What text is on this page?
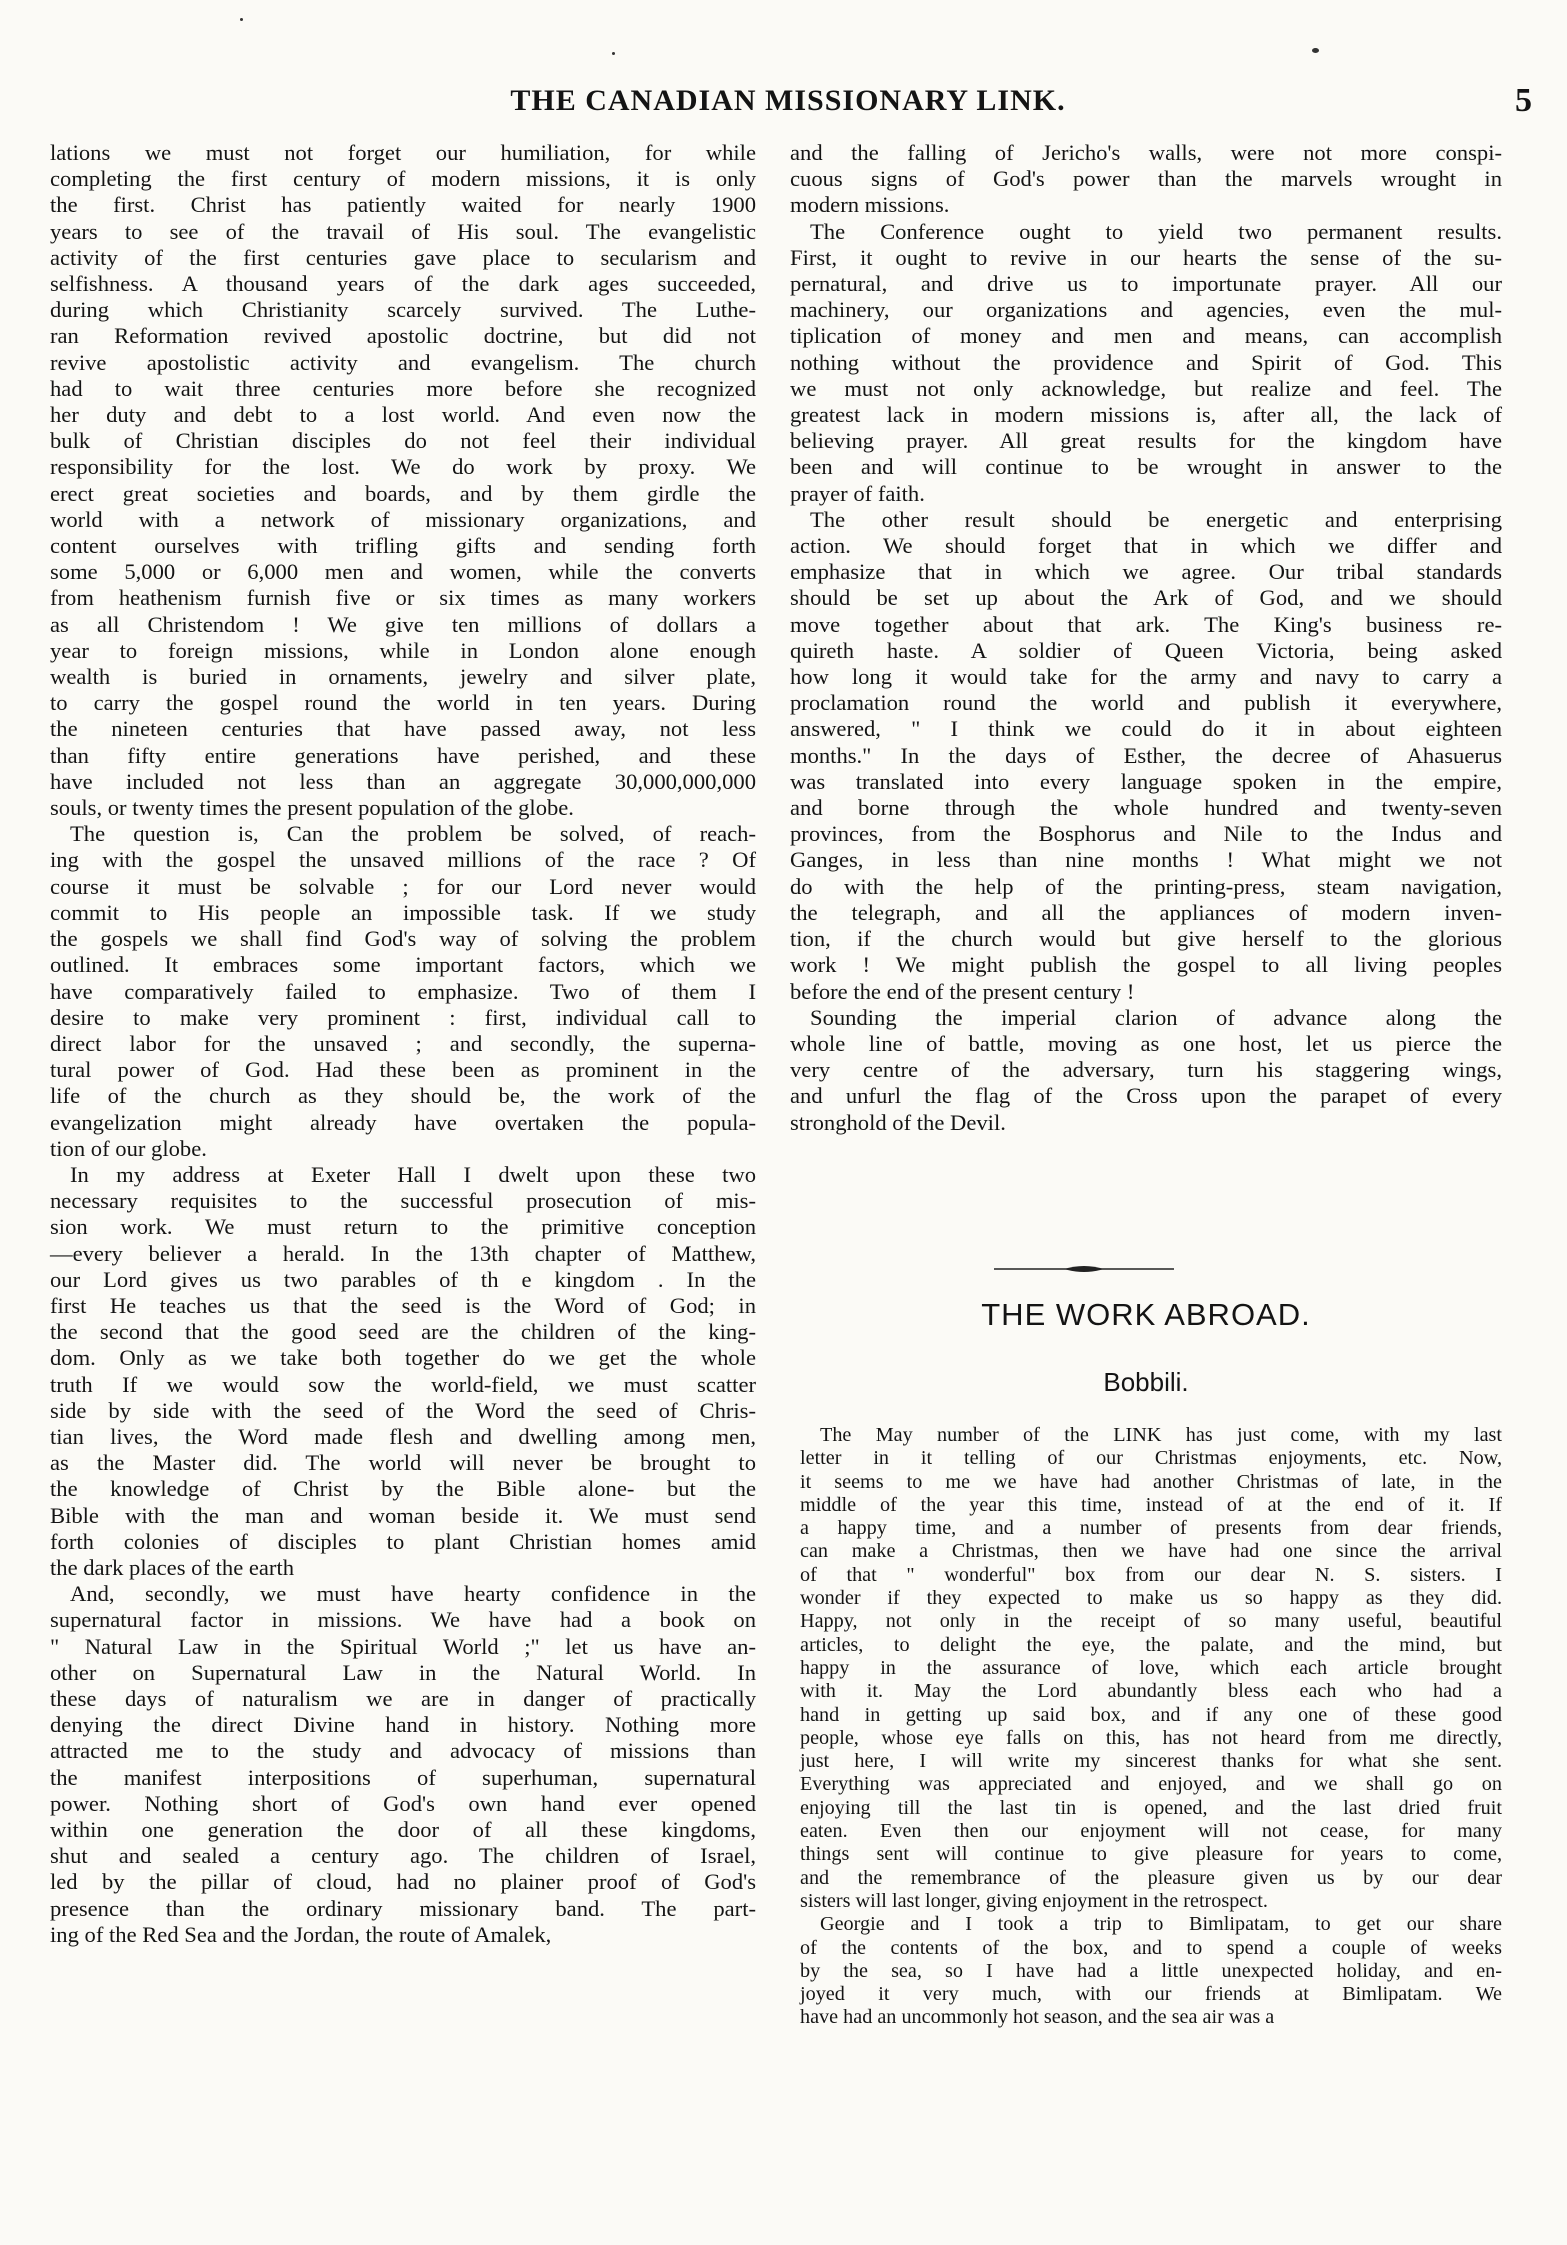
THE CANADIAN MISSIONARY LINK.	5
lations we must not forget our humiliation, for while
completing the first century of modern missions, it is only
the first. Christ has patiently waited for nearly 1900
years to see of the travail of His soul. The evangelistic
activity of the first centuries gave place to secularism and
selfishness. A thousand years of the dark ages succeeded,
during which Christianity scarcely survived. The Luthe-
ran Reformation revived apostolic doctrine, but did not
revive apostolistic activity and evangelism. The church
had to wait three centuries more before she recognized
her duty and debt to a lost world. And even now the
bulk of Christian disciples do not feel their individual
responsibility for the lost. We do work by proxy. We
erect great societies and boards, and by them girdle the
world with a network of missionary organizations, and
content ourselves with trifling gifts and sending forth
some 5,000 or 6,000 men and women, while the converts
from heathenism furnish five or six times as many workers
as all Christendom ! We give ten millions of dollars a
year to foreign missions, while in London alone enough
wealth is buried in ornaments, jewelry and silver plate,
to carry the gospel round the world in ten years. During
the nineteen centuries that have passed away, not less
than fifty entire generations have perished, and these
have included not less than an aggregate 30,000,000,000
souls, or twenty times the present population of the globe.
The question is, Can the problem be solved, of reach-
ing with the gospel the unsaved millions of the race ? Of
course it must be solvable ; for our Lord never would
commit to His people an impossible task. If we study
the gospels we shall find God's way of solving the problem
outlined. It embraces some important factors, which we
have comparatively failed to emphasize. Two of them I
desire to make very prominent : first, individual call to
direct labor for the unsaved ; and secondly, the superna-
tural power of God. Had these been as prominent in the
life of the church as they should be, the work of the
evangelization might already have overtaken the popula-
tion of our globe.
In my address at Exeter Hall I dwelt upon these two
necessary requisites to the successful prosecution of mis-
sion work. We must return to the primitive conception
—every believer a herald. In the 13th chapter of Matthew,
our Lord gives us two parables of th e kingdom . In the
first He teaches us that the seed is the Word of God; in
the second that the good seed are the children of the king-
dom. Only as we take both together do we get the whole
truth If we would sow the world-field, we must scatter
side by side with the seed of the Word the seed of Chris-
tian lives, the Word made flesh and dwelling among men,
as the Master did. The world will never be brought to
the knowledge of Christ by the Bible alone- but the
Bible with the man and woman beside it. We must send
forth colonies of disciples to plant Christian homes amid
the dark places of the earth
And, secondly, we must have hearty confidence in the
supernatural factor in missions. We have had a book on
" Natural Law in the Spiritual World ;" let us have an-
other on Supernatural Law in the Natural World. In
these days of naturalism we are in danger of practically
denying the direct Divine hand in history. Nothing more
attracted me to the study and advocacy of missions than
the manifest interpositions of superhuman, supernatural
power. Nothing short of God's own hand ever opened
within one generation the door of all these kingdoms,
shut and sealed a century ago. The children of Israel,
led by the pillar of cloud, had no plainer proof of God's
presence than the ordinary missionary band. The part-
ing of the Red Sea and the Jordan, the route of Amalek,
and the falling of Jericho's walls, were not more conspi-
cuous signs of God's power than the marvels wrought in
modern missions.
The Conference ought to yield two permanent results.
First, it ought to revive in our hearts the sense of the su-
pernatural, and drive us to importunate prayer. All our
machinery, our organizations and agencies, even the mul-
tiplication of money and men and means, can accomplish
nothing without the providence and Spirit of God. This
we must not only acknowledge, but realize and feel. The
greatest lack in modern missions is, after all, the lack of
believing prayer. All great results for the kingdom have
been and will continue to be wrought in answer to the
prayer of faith.
The other result should be energetic and enterprising
action. We should forget that in which we differ and
emphasize that in which we agree. Our tribal standards
should be set up about the Ark of God, and we should
move together about that ark. The King's business re-
quireth haste. A soldier of Queen Victoria, being asked
how long it would take for the army and navy to carry a
proclamation round the world and publish it everywhere,
answered, " I think we could do it in about eighteen
months." In the days of Esther, the decree of Ahasuerus
was translated into every language spoken in the empire,
and borne through the whole hundred and twenty-seven
provinces, from the Bosphorus and Nile to the Indus and
Ganges, in less than nine months ! What might we not
do with the help of the printing-press, steam navigation,
the telegraph, and all the appliances of modern inven-
tion, if the church would but give herself to the glorious
work ! We might publish the gospel to all living peoples
before the end of the present century !
Sounding the imperial clarion of advance along the
whole line of battle, moving as one host, let us pierce the
very centre of the adversary, turn his staggering wings,
and unfurl the flag of the Cross upon the parapet of every
stronghold of the Devil.
THE WORK ABROAD.
Bobbili.
The May number of the LINK has just come, with my last
letter in it telling of our Christmas enjoyments, etc. Now,
it seems to me we have had another Christmas of late, in the
middle of the year this time, instead of at the end of it. If
a happy time, and a number of presents from dear friends,
can make a Christmas, then we have had one since the arrival
of that " wonderful" box from our dear N. S. sisters. I
wonder if they expected to make us so happy as they did.
Happy, not only in the receipt of so many useful, beautiful
articles, to delight the eye, the palate, and the mind, but
happy in the assurance of love, which each article brought
with it. May the Lord abundantly bless each who had a
hand in getting up said box, and if any one of these good
people, whose eye falls on this, has not heard from me directly,
just here, I will write my sincerest thanks for what she sent.
Everything was appreciated and enjoyed, and we shall go on
enjoying till the last tin is opened, and the last dried fruit
eaten. Even then our enjoyment will not cease, for many
things sent will continue to give pleasure for years to come,
and the remembrance of the pleasure given us by our dear
sisters will last longer, giving enjoyment in the retrospect.
Georgie and I took a trip to Bimlipatam, to get our share
of the contents of the box, and to spend a couple of weeks
by the sea, so I have had a little unexpected holiday, and en-
joyed it very much, with our friends at Bimlipatam. We
have had an uncommonly hot season, and the sea air was a
